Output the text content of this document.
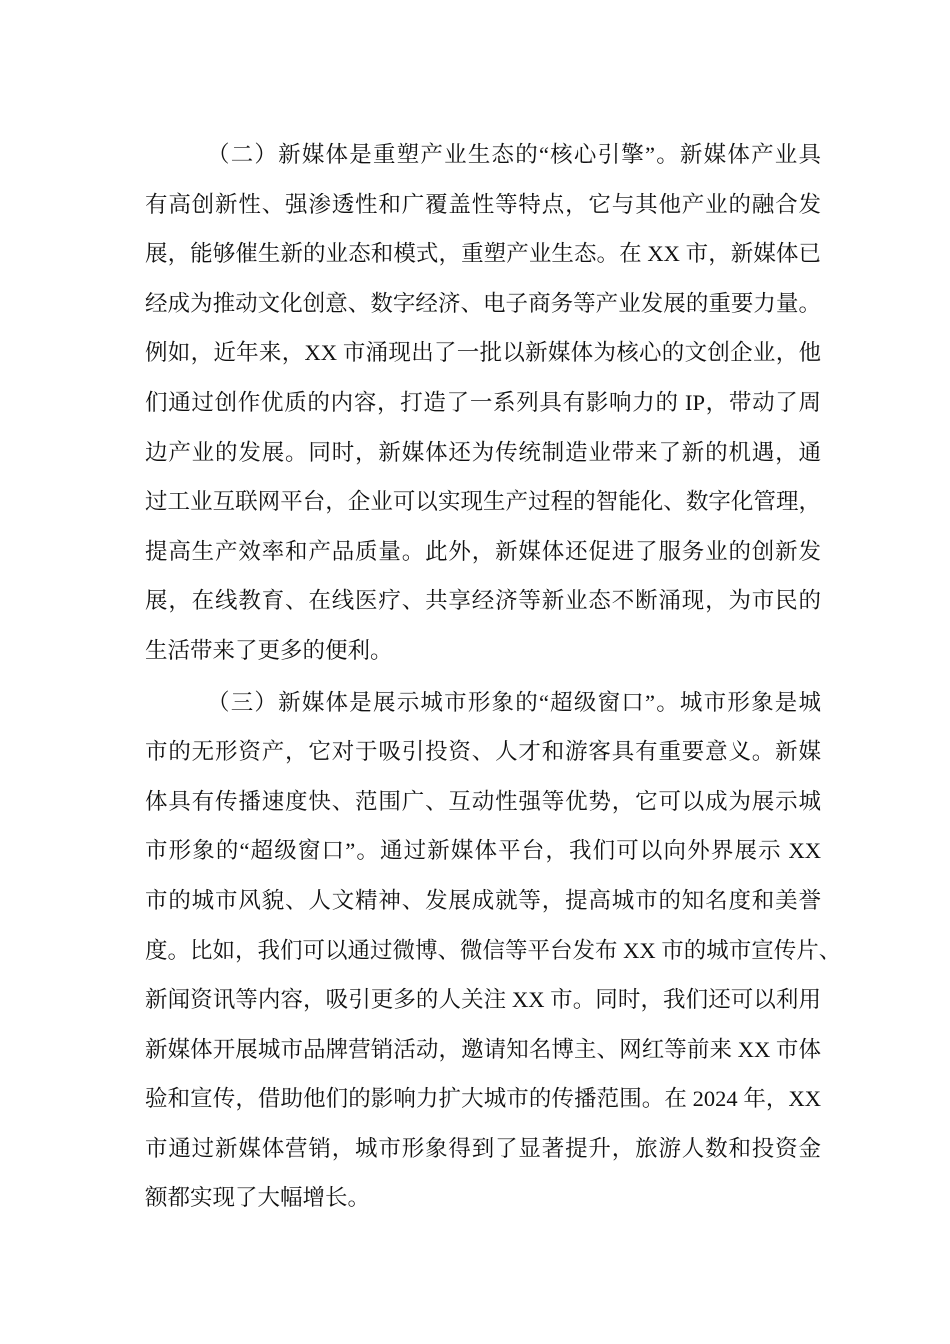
（二）新媒体是重塑产业生态的“核心引擎”。新媒体产业具
有高创新性、强渗透性和广覆盖性等特点，它与其他产业的融合发
展，能够催生新的业态和模式，重塑产业生态。在 XX 市，新媒体已
经成为推动文化创意、数字经济、电子商务等产业发展的重要力量。
例如，近年来，XX 市涌现出了一批以新媒体为核心的文创企业，他
们通过创作优质的内容，打造了一系列具有影响力的 IP，带动了周
边产业的发展。同时，新媒体还为传统制造业带来了新的机遇，通
过工业互联网平台，企业可以实现生产过程的智能化、数字化管理，
提高生产效率和产品质量。此外，新媒体还促进了服务业的创新发
展，在线教育、在线医疗、共享经济等新业态不断涌现，为市民的
生活带来了更多的便利。
（三）新媒体是展示城市形象的“超级窗口”。城市形象是城
市的无形资产，它对于吸引投资、人才和游客具有重要意义。新媒
体具有传播速度快、范围广、互动性强等优势，它可以成为展示城
市形象的“超级窗口”。通过新媒体平台，我们可以向外界展示 XX
市的城市风貌、人文精神、发展成就等，提高城市的知名度和美誉
度。比如，我们可以通过微博、微信等平台发布 XX 市的城市宣传片、
新闻资讯等内容，吸引更多的人关注 XX 市。同时，我们还可以利用
新媒体开展城市品牌营销活动，邀请知名博主、网红等前来 XX 市体
验和宣传，借助他们的影响力扩大城市的传播范围。在 2024 年，XX
市通过新媒体营销，城市形象得到了显著提升，旅游人数和投资金
额都实现了大幅增长。
